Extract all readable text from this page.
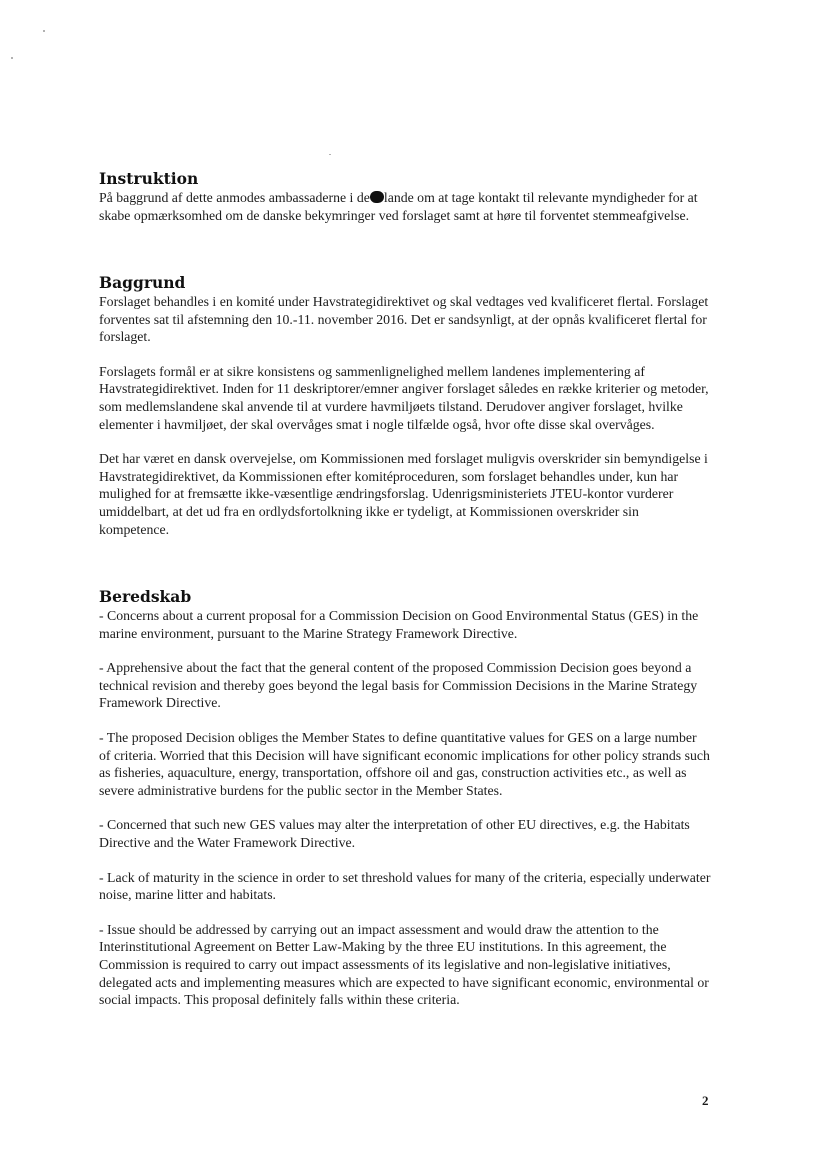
Instruktion

På baggrund af dette anmodes ambassaderne i de lande om at tage kontakt til relevante myndigheder for at skabe opmærksomhed om de danske bekymringer ved forslaget samt at høre til forventet stemmeafgivelse.

Baggrund

Forslaget behandles i en komité under Havstrategidirektivet og skal vedtages ved kvalificeret flertal. Forslaget forventes sat til afstemning den 10.-11. november 2016. Det er sandsynligt, at der opnås kvalificeret flertal for forslaget.

Forslagets formål er at sikre konsistens og sammenlignelighed mellem landenes implementering af Havstrategidirektivet. Inden for 11 deskriptorer/emner angiver forslaget således en række kriterier og metoder, som medlemslandene skal anvende til at vurdere havmiljøets tilstand. Derudover angiver forslaget, hvilke elementer i havmiljøet, der skal overvåges smat i nogle tilfælde også, hvor ofte disse skal overvåges.

Det har været en dansk overvejelse, om Kommissionen med forslaget muligvis overskrider sin bemyndigelse i Havstrategidirektivet, da Kommissionen efter komitéproceduren, som forslaget behandles under, kun har mulighed for at fremsætte ikke-væsentlige ændringsforslag. Udenrigsministeriets JTEU-kontor vurderer umiddelbart, at det ud fra en ordlydsfortolkning ikke er tydeligt, at Kommissionen overskrider sin kompetence.

Beredskab

- Concerns about a current proposal for a Commission Decision on Good Environmental Status (GES) in the marine environment, pursuant to the Marine Strategy Framework Directive.

- Apprehensive about the fact that the general content of the proposed Commission Decision goes beyond a technical revision and thereby goes beyond the legal basis for Commission Decisions in the Marine Strategy Framework Directive.

- The proposed Decision obliges the Member States to define quantitative values for GES on a large number of criteria. Worried that this Decision will have significant economic implications for other policy strands such as fisheries, aquaculture, energy, transportation, offshore oil and gas, construction activities etc., as well as severe administrative burdens for the public sector in the Member States.

- Concerned that such new GES values may alter the interpretation of other EU directives, e.g. the Habitats Directive and the Water Framework Directive.

- Lack of maturity in the science in order to set threshold values for many of the criteria, especially underwater noise, marine litter and habitats.

- Issue should be addressed by carrying out an impact assessment and would draw the attention to the Interinstitutional Agreement on Better Law-Making by the three EU institutions. In this agreement, the Commission is required to carry out impact assessments of its legislative and non-legislative initiatives, delegated acts and implementing measures which are expected to have significant economic, environmental or social impacts. This proposal definitely falls within these criteria.

2
